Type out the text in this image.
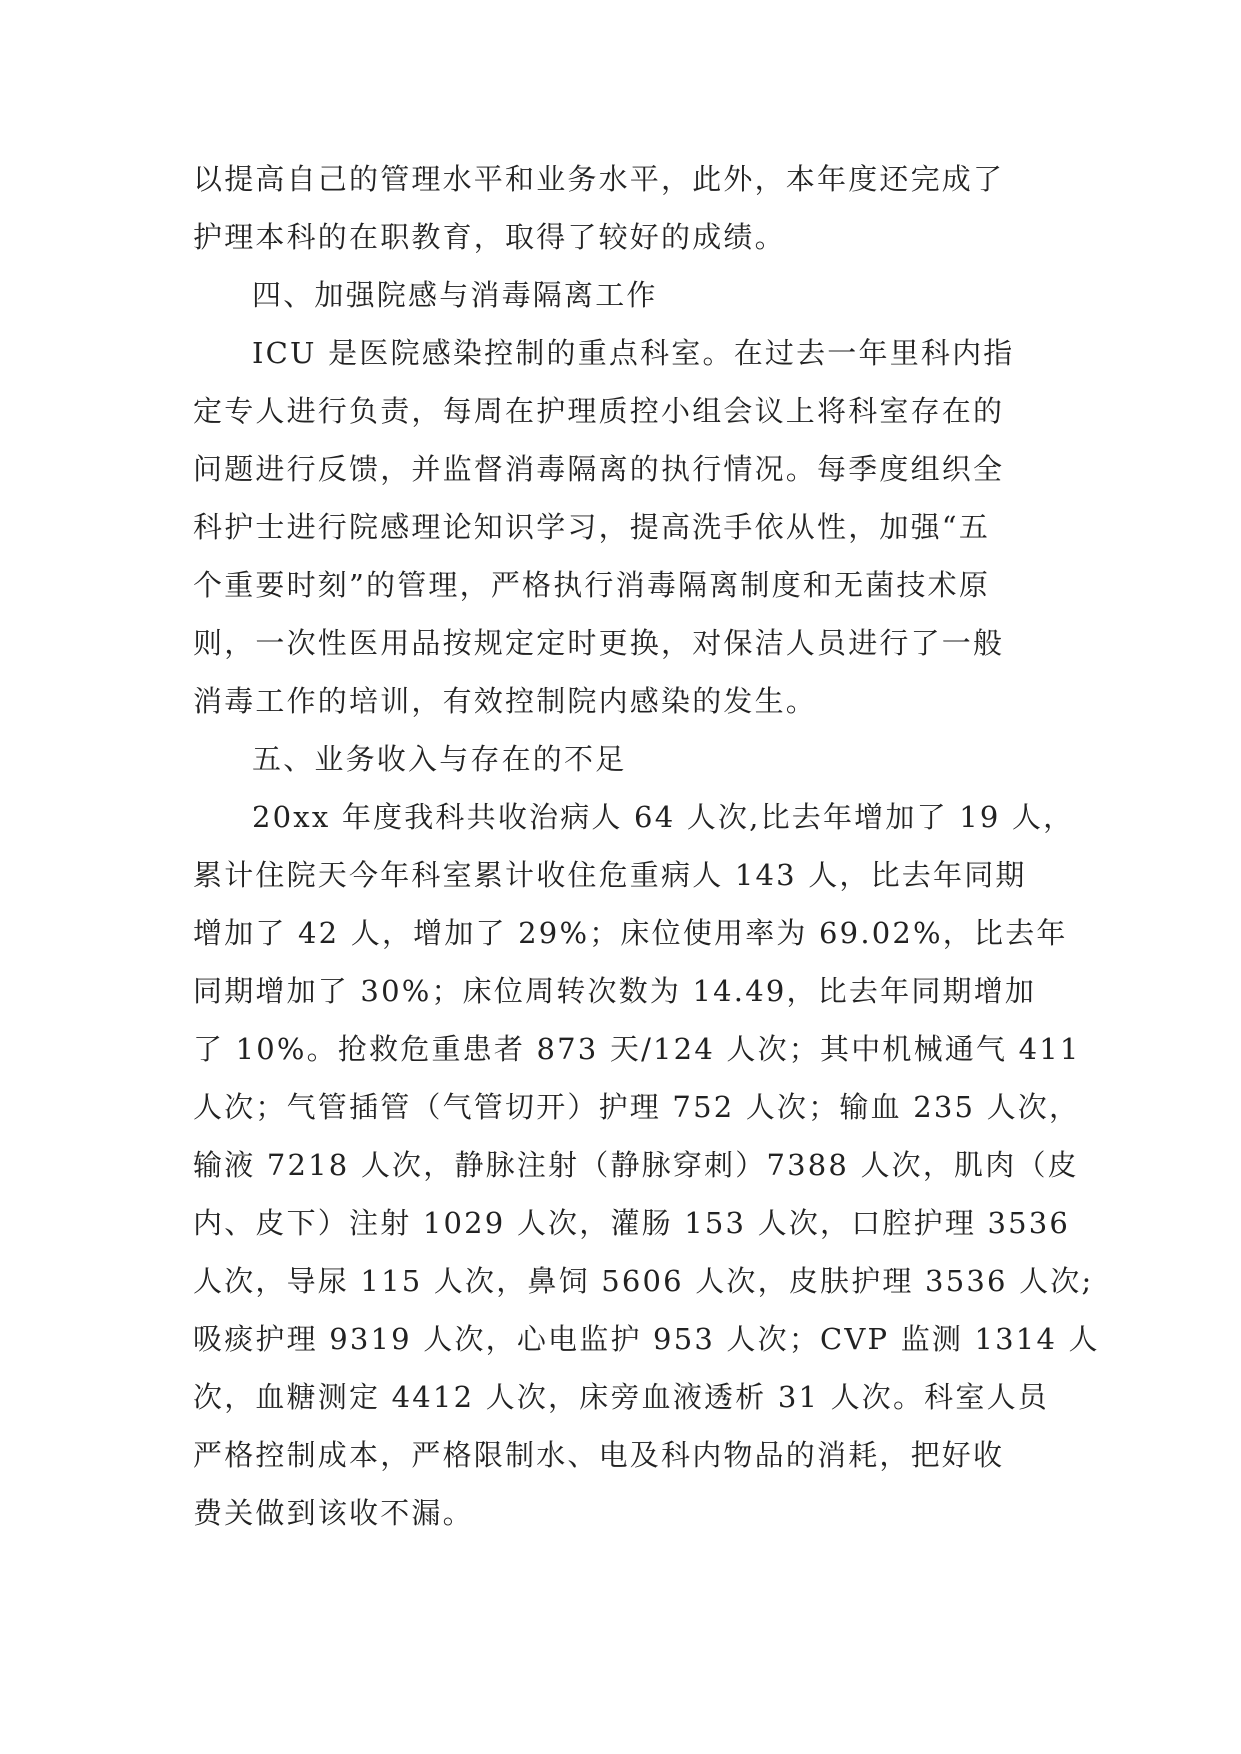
以提高自己的管理水平和业务水平，此外，本年度还完成了
护理本科的在职教育，取得了较好的成绩。
四、加强院感与消毒隔离工作
ICU 是医院感染控制的重点科室。在过去一年里科内指
定专人进行负责，每周在护理质控小组会议上将科室存在的
问题进行反馈，并监督消毒隔离的执行情况。每季度组织全
科护士进行院感理论知识学习，提高洗手依从性，加强“五
个重要时刻”的管理，严格执行消毒隔离制度和无菌技术原
则，一次性医用品按规定定时更换，对保洁人员进行了一般
消毒工作的培训，有效控制院内感染的发生。
五、业务收入与存在的不足
20xx 年度我科共收治病人 64 人次,比去年增加了 19 人，
累计住院天今年科室累计收住危重病人 143 人，比去年同期
增加了 42 人，增加了 29%；床位使用率为 69.02%，比去年
同期增加了 30%；床位周转次数为 14.49，比去年同期增加
了 10%。抢救危重患者 873 天/124 人次；其中机械通气 411
人次；气管插管（气管切开）护理 752 人次；输血 235 人次，
输液 7218 人次，静脉注射（静脉穿刺）7388 人次，肌肉（皮
内、皮下）注射 1029 人次，灌肠 153 人次，口腔护理 3536
人次，导尿 115 人次，鼻饲 5606 人次，皮肤护理 3536 人次;
吸痰护理 9319 人次，心电监护 953 人次；CVP 监测 1314 人
次，血糖测定 4412 人次，床旁血液透析 31 人次。科室人员
严格控制成本，严格限制水、电及科内物品的消耗，把好收
费关做到该收不漏。
